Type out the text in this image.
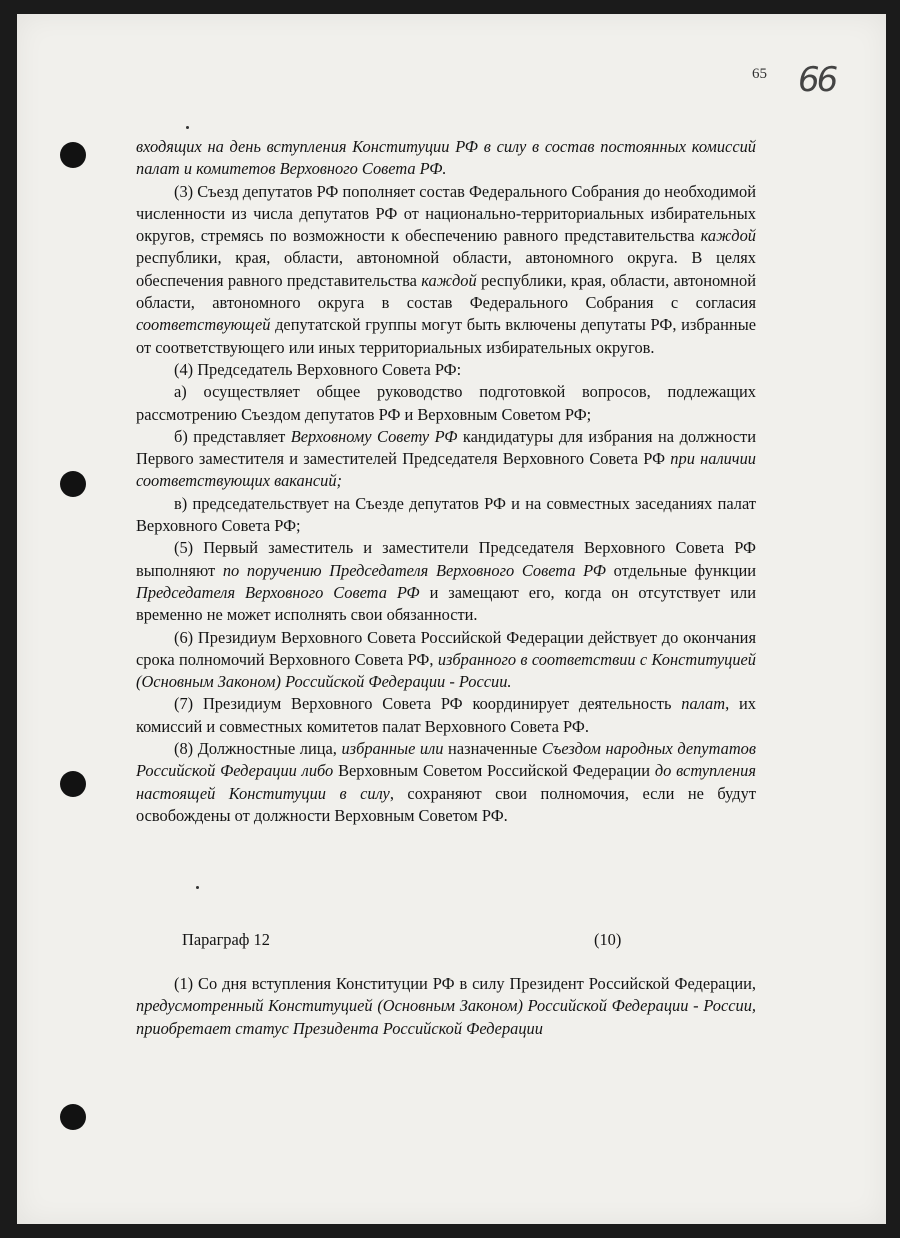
65 66

входящих на день вступления Конституции РФ в силу в состав постоянных комиссий палат и комитетов Верховного Совета РФ.

(3) Съезд депутатов РФ пополняет состав Федерального Собрания до необходимой численности из числа депутатов РФ от национально-территориальных избирательных округов, стремясь по возможности к обеспечению равного представительства каждой республики, края, области, автономной области, автономного округа. В целях обеспечения равного представительства каждой республики, края, области, автономной области, автономного округа в состав Федерального Собрания с согласия соответствующей депутатской группы могут быть включены депутаты РФ, избранные от соответствующего или иных территориальных избирательных округов.

(4) Председатель Верховного Совета РФ:

а) осуществляет общее руководство подготовкой вопросов, подлежащих рассмотрению Съездом депутатов РФ и Верховным Советом РФ;

б) представляет Верховному Совету РФ кандидатуры для избрания на должности Первого заместителя и заместителей Председателя Верховного Совета РФ при наличии соответствующих вакансий;

в) председательствует на Съезде депутатов РФ и на совместных заседаниях палат Верховного Совета РФ;

(5) Первый заместитель и заместители Председателя Верховного Совета РФ выполняют по поручению Председателя Верховного Совета РФ отдельные функции Председателя Верховного Совета РФ и замещают его, когда он отсутствует или временно не может исполнять свои обязанности.

(6) Президиум Верховного Совета Российской Федерации действует до окончания срока полномочий Верховного Совета РФ, избранного в соответствии с Конституцией (Основным Законом) Российской Федерации - России.

(7) Президиум Верховного Совета РФ координирует деятельность палат, их комиссий и совместных комитетов палат Верховного Совета РФ.

(8) Должностные лица, избранные или назначенные Съездом народных депутатов Российской Федерации либо Верховным Советом Российской Федерации до вступления настоящей Конституции в силу, сохраняют свои полномочия, если не будут освобождены от должности Верховным Советом РФ.

Параграф 12	(10)

(1) Со дня вступления Конституции РФ в силу Президент Российской Федерации, предусмотренный Конституцией (Основным Законом) Российской Федерации - Россиu, приобретает статус Президента Российской Федерации
